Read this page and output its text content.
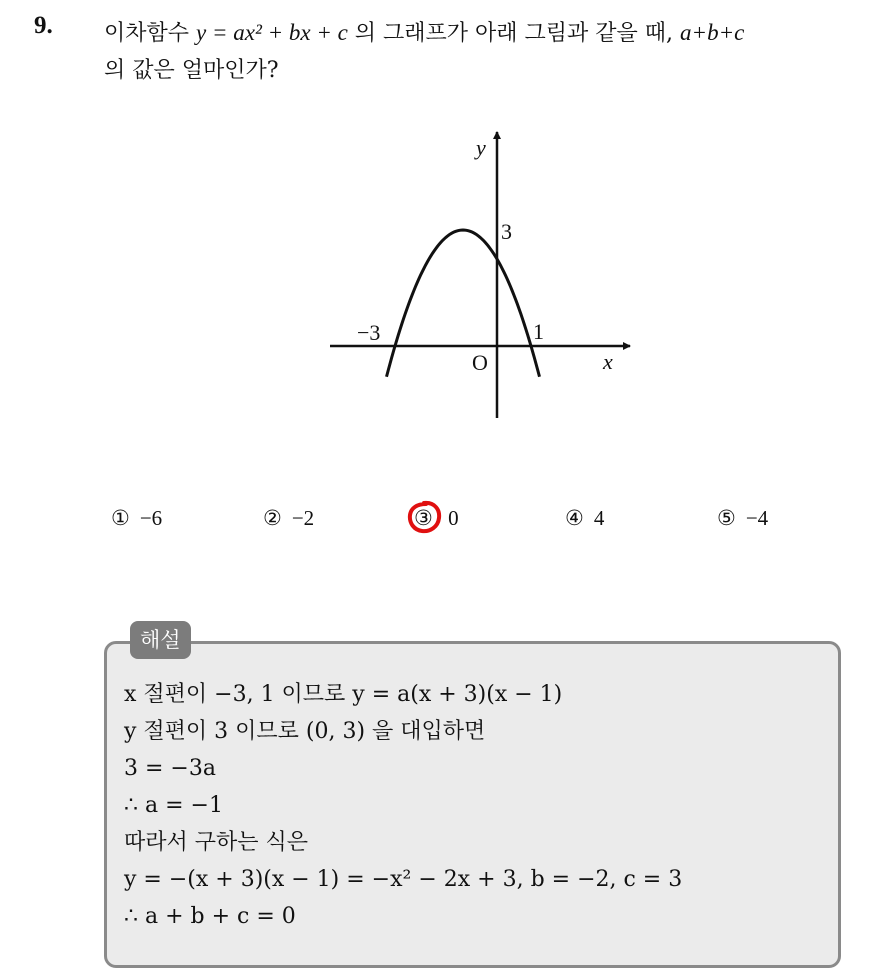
9. 이차함수 y = ax² + bx + c 의 그래프가 아래 그림과 같을 때, a+b+c
의 값은 얼마인가?
y
x
O
−3	1
3
① −6	② −2	③ 0	④ 4	⑤ −4
해설
x 절편이 −3, 1 이므로 y = a(x + 3)(x − 1)
y 절편이 3 이므로 (0, 3) 을 대입하면
3 = −3a
∴ a = −1
따라서 구하는 식은
y = −(x + 3)(x − 1) = −x² − 2x + 3, b = −2, c = 3
∴ a + b + c = 0
